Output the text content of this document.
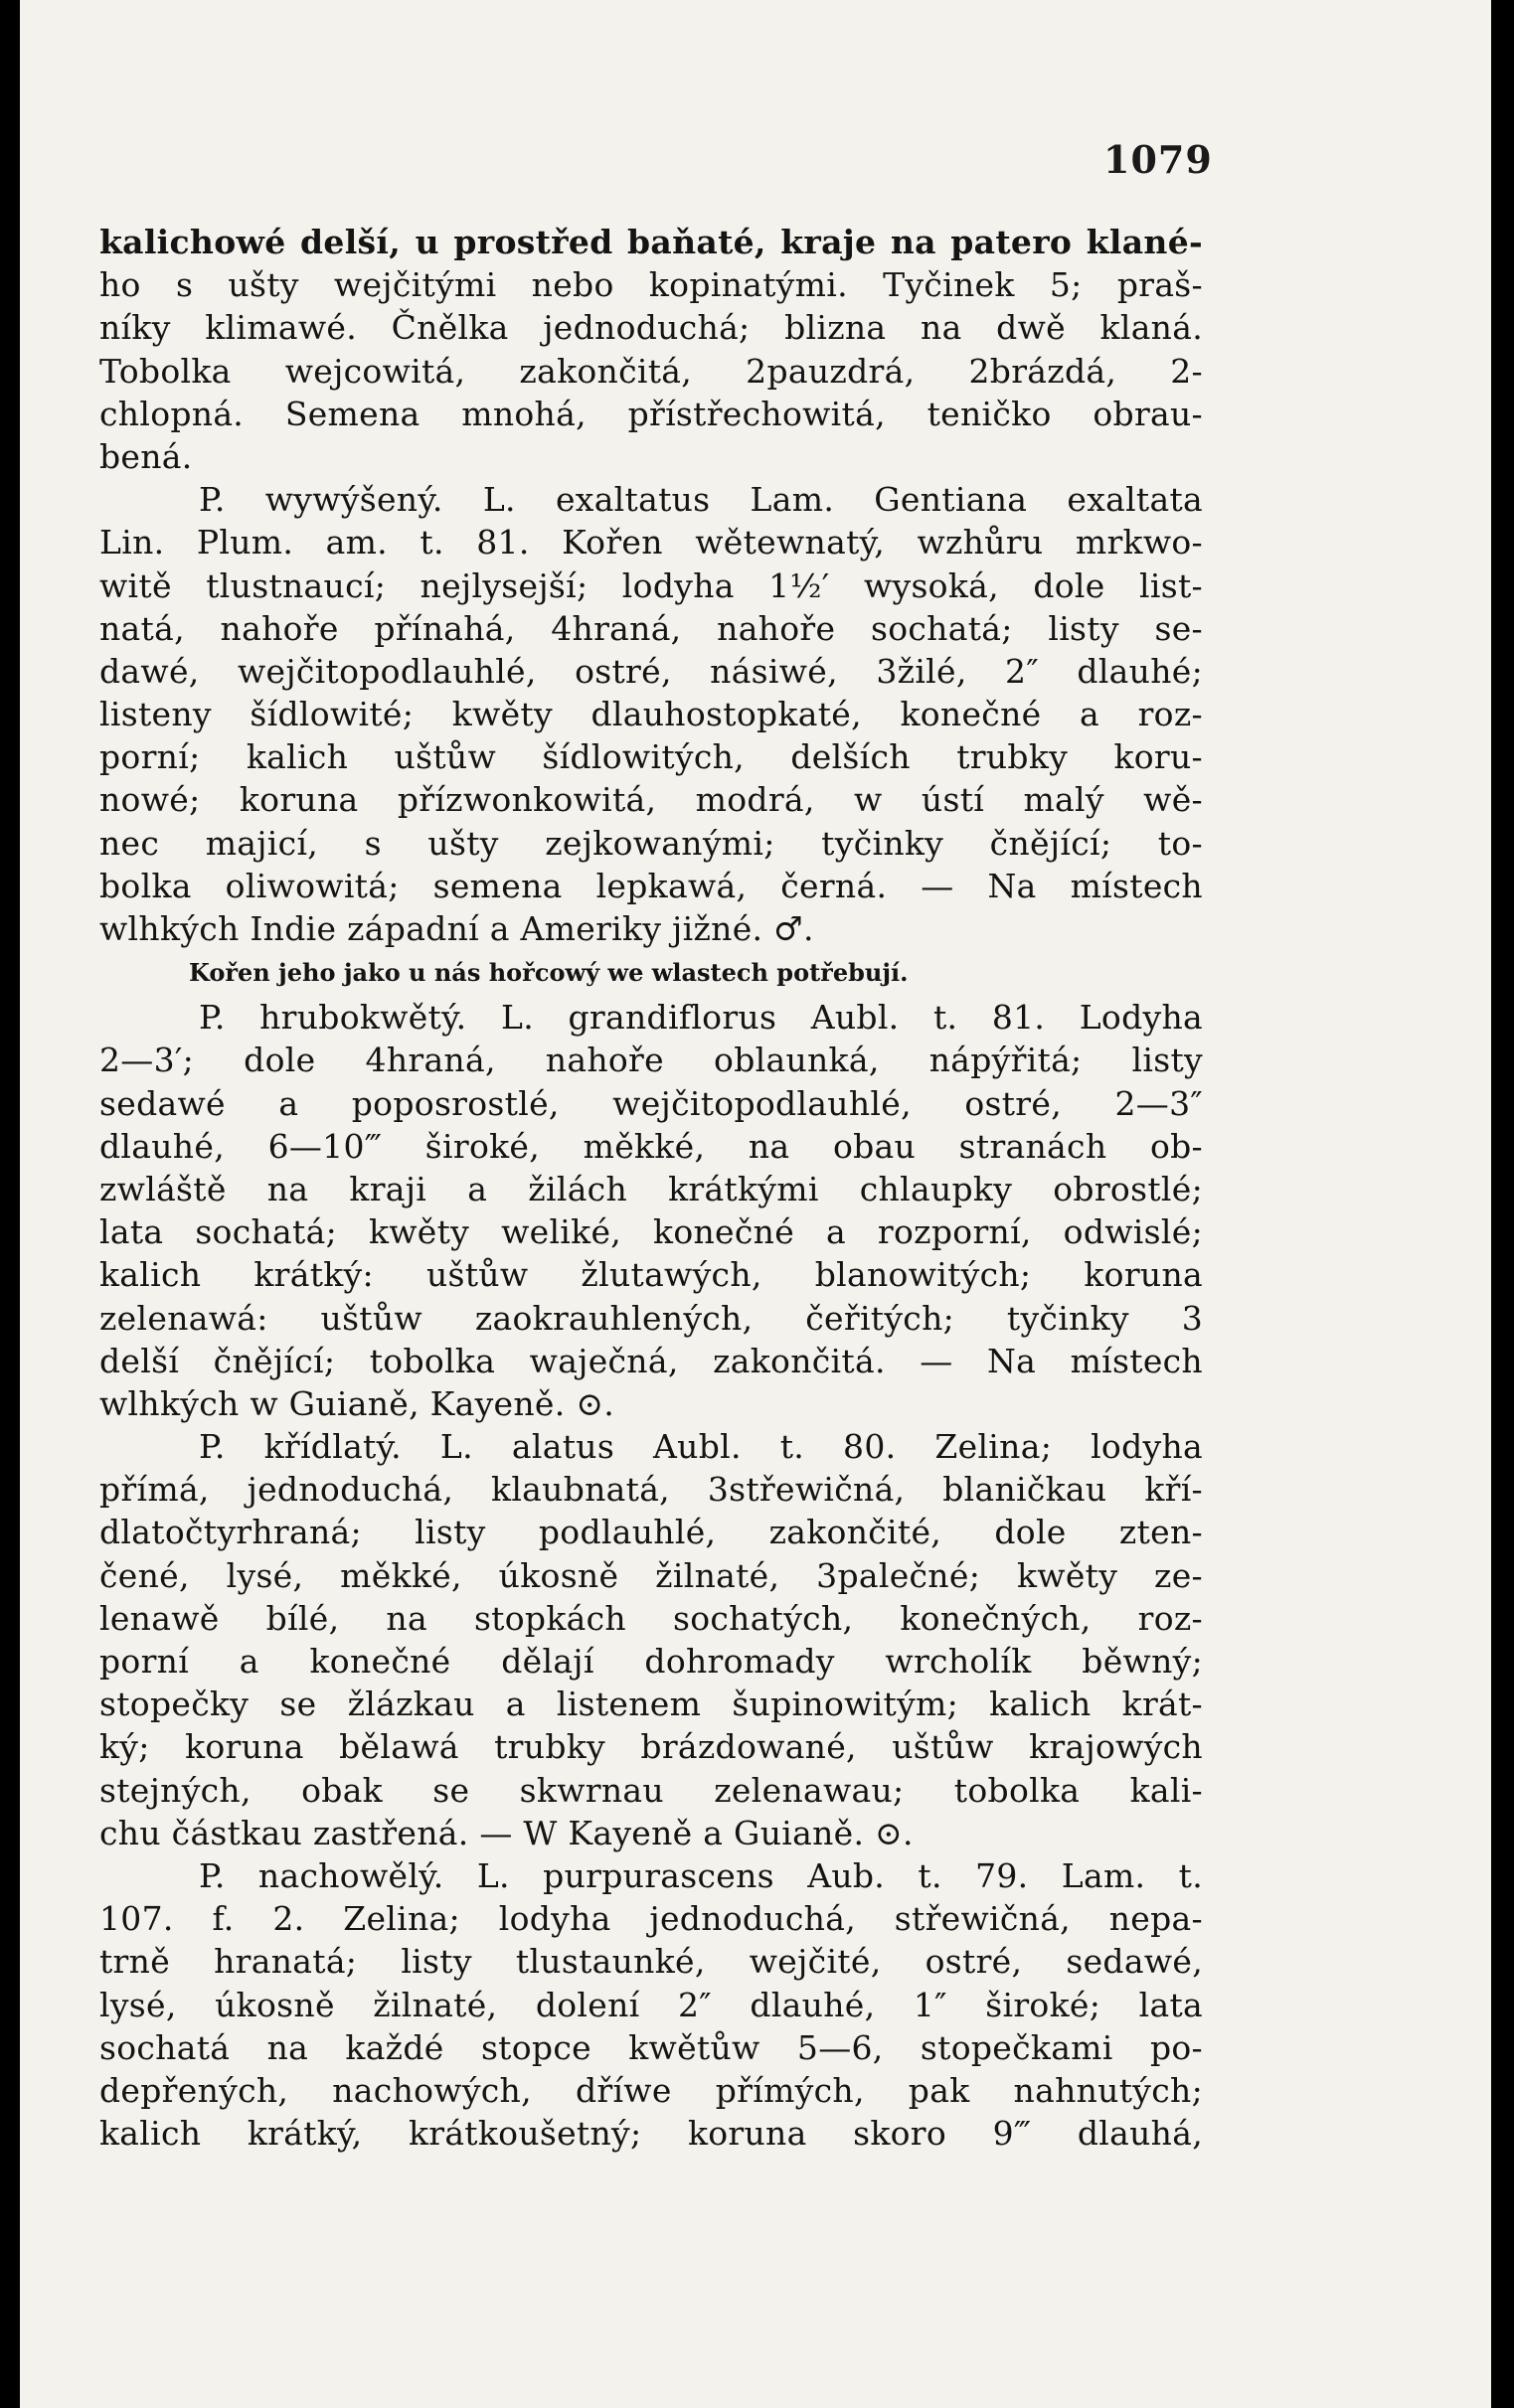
1079
kalichowé delší, u prostřed baňaté, kraje na patero klané-
ho s ušty wejčitými nebo kopinatými. Tyčinek 5; praš-
níky klimawé. Čnělka jednoduchá; blizna na dwě klaná.
Tobolka wejcowitá, zakončitá, 2pauzdrá, 2brázdá, 2-
chlopná. Semena mnohá, přístřechowitá, teničko obrau-
bená.
P. wywýšený. L. exaltatus Lam. Gentiana exaltata
Lin. Plum. am. t. 81. Kořen wětewnatý, wzhůru mrkwo-
witě tlustnaucí; nejlysejší; lodyha 1½′ wysoká, dole list-
natá, nahoře přínahá, 4hraná, nahoře sochatá; listy se-
dawé, wejčitopodlauhlé, ostré, násiwé, 3žilé, 2″ dlauhé;
listeny šídlowité; kwěty dlauhostopkaté, konečné a roz-
porní; kalich uštůw šídlowitých, delších trubky koru-
nowé; koruna přízwonkowitá, modrá, w ústí malý wě-
nec majicí, s ušty zejkowanými; tyčinky čnějící; to-
bolka oliwowitá; semena lepkawá, černá. — Na místech
wlhkých Indie západní a Ameriky jižné. ♂.
Kořen jeho jako u nás hořcowý we wlastech potřebují.
P. hrubokwětý. L. grandiflorus Aubl. t. 81. Lodyha
2—3′; dole 4hraná, nahoře oblaunká, nápýřitá; listy
sedawé a poposrostlé, wejčitopodlauhlé, ostré, 2—3″
dlauhé, 6—10‴ široké, měkké, na obau stranách ob-
zwláště na kraji a žilách krátkými chlaupky obrostlé;
lata sochatá; kwěty weliké, konečné a rozporní, odwislé;
kalich krátký: uštůw žlutawých, blanowitých; koruna
zelenawá: uštůw zaokrauhlených, čeřitých; tyčinky 3
delší čnějící; tobolka waječná, zakončitá. — Na místech
wlhkých w Guianě, Kayeně. ⊙.
P. křídlatý. L. alatus Aubl. t. 80. Zelina; lodyha
přímá, jednoduchá, klaubnatá, 3střewičná, blaničkau kří-
dlatočtyrhraná; listy podlauhlé, zakončité, dole zten-
čené, lysé, měkké, úkosně žilnaté, 3palečné; kwěty ze-
lenawě bílé, na stopkách sochatých, konečných, roz-
porní a konečné dělají dohromady wrcholík běwný;
stopečky se žlázkau a listenem šupinowitým; kalich krát-
ký; koruna bělawá trubky brázdowané, uštůw krajowých
stejných, obak se skwrnau zelenawau; tobolka kali-
chu částkau zastřená. — W Kayeně a Guianě. ⊙.
P. nachowělý. L. purpurascens Aub. t. 79. Lam. t.
107. f. 2. Zelina; lodyha jednoduchá, střewičná, nepa-
trně hranatá; listy tlustaunké, wejčité, ostré, sedawé,
lysé, úkosně žilnaté, dolení 2″ dlauhé, 1″ široké; lata
sochatá na každé stopce kwětůw 5—6, stopečkami po-
depřených, nachowých, dříwe přímých, pak nahnutých;
kalich krátký, krátkoušetný; koruna skoro 9‴ dlauhá,
